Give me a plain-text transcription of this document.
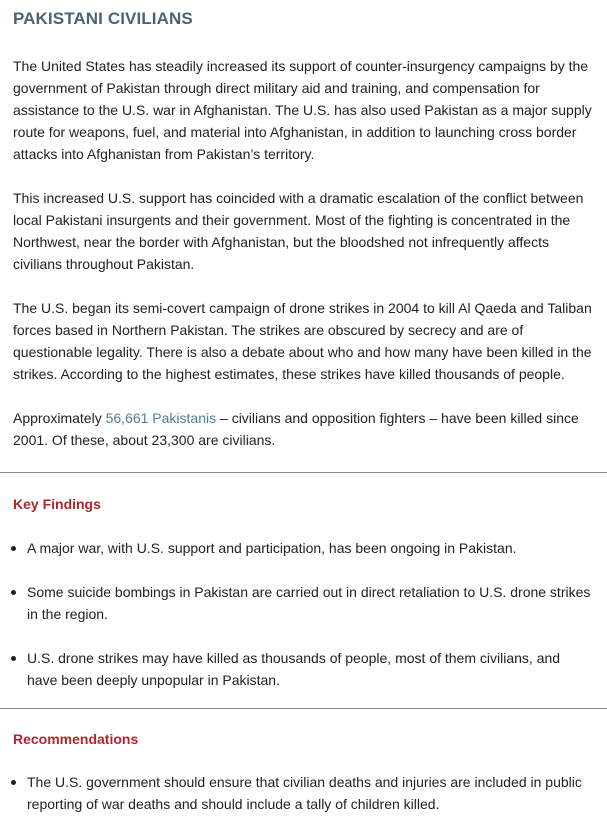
PAKISTANI CIVILIANS

The United States has steadily increased its support of counter-insurgency campaigns by the government of Pakistan through direct military aid and training, and compensation for assistance to the U.S. war in Afghanistan. The U.S. has also used Pakistan as a major supply route for weapons, fuel, and material into Afghanistan, in addition to launching cross border attacks into Afghanistan from Pakistan’s territory.

This increased U.S. support has coincided with a dramatic escalation of the conflict between local Pakistani insurgents and their government. Most of the fighting is concentrated in the Northwest, near the border with Afghanistan, but the bloodshed not infrequently affects civilians throughout Pakistan.

The U.S. began its semi-covert campaign of drone strikes in 2004 to kill Al Qaeda and Taliban forces based in Northern Pakistan. The strikes are obscured by secrecy and are of questionable legality. There is also a debate about who and how many have been killed in the strikes. According to the highest estimates, these strikes have killed thousands of people.

Approximately 56,661 Pakistanis – civilians and opposition fighters – have been killed since 2001. Of these, about 23,300 are civilians.

Key Findings
A major war, with U.S. support and participation, has been ongoing in Pakistan.
Some suicide bombings in Pakistan are carried out in direct retaliation to U.S. drone strikes in the region.
U.S. drone strikes may have killed as thousands of people, most of them civilians, and have been deeply unpopular in Pakistan.
Recommendations
The U.S. government should ensure that civilian deaths and injuries are included in public reporting of war deaths and should include a tally of children killed.
